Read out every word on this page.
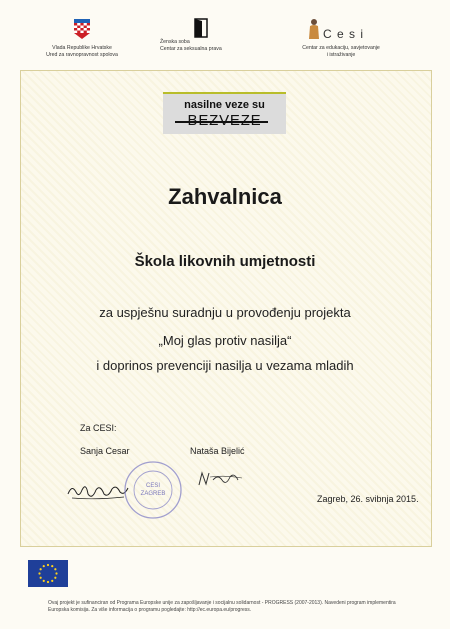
Vlada Republike Hrvatske
Ured za ravnopravnost spolova
Ženska soba
Centar za seksualna prava
C e s i
Centar za edukaciju, savjetovanje
i istraživanje
nasilne veze su
Zahvalnica
Škola likovnih umjetnosti
za uspješnu suradnju u provođenju projekta
„Moj glas protiv nasilja“
i doprinos prevenciji nasilja u vezama mladih
Za CESI:
Sanja Cesar	Nataša Bijelić
CESI ZAGREB	Zagreb, 26. svibnja 2015.
Ovaj projekt je sufinanciran od Programa Europske unije za zapošljavanje i socijalnu solidarnost - PROGRESS (2007-2013). Navedeni program implementira Europska komisija. Za više informacija o programu pogledajte: http://ec.europa.eu/progress.
